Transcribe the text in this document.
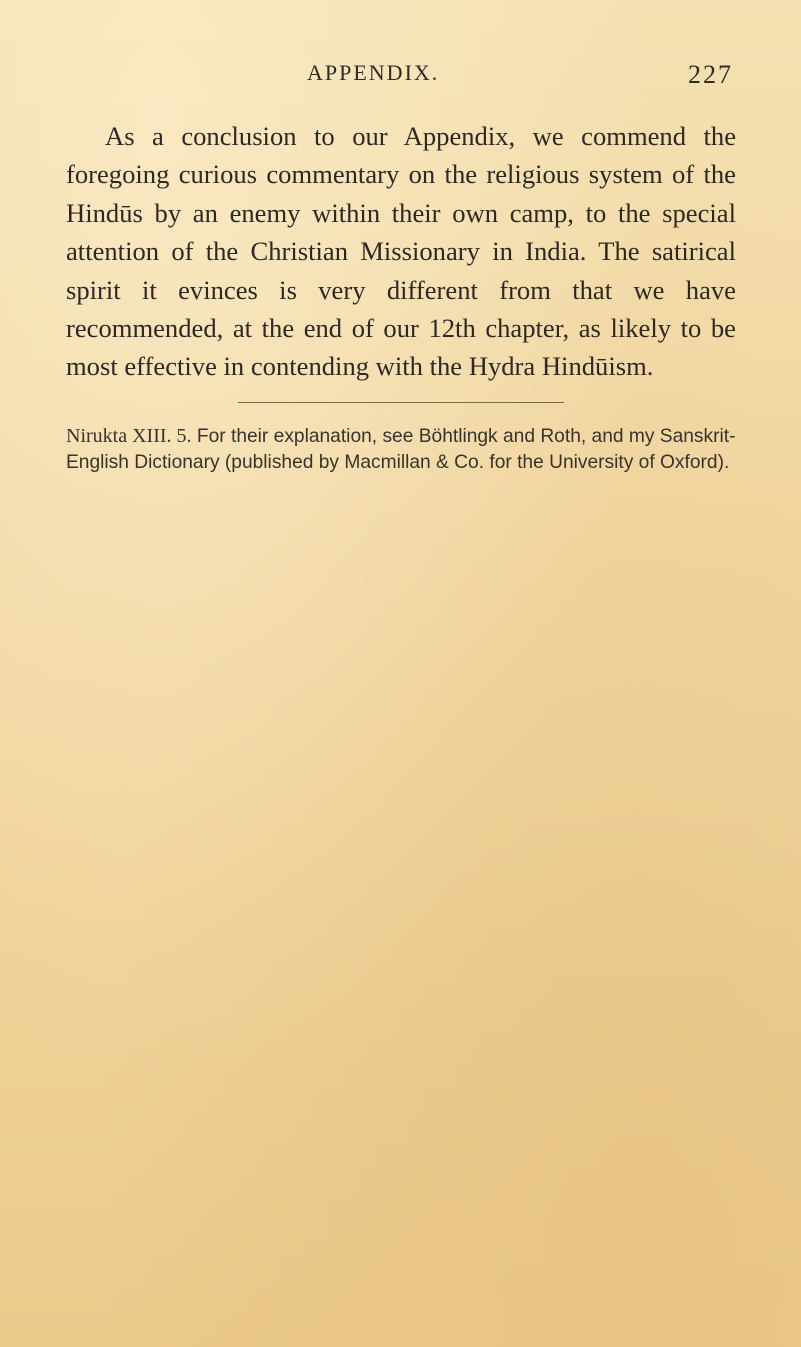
APPENDIX.	227

As a conclusion to our Appendix, we commend the foregoing curious commentary on the religious system of the Hindūs by an enemy within their own camp, to the special attention of the Christian Missionary in India. The satirical spirit it evinces is very different from that we have recommended, at the end of our 12th chapter, as likely to be most effective in contending with the Hydra Hindūism.

Nirukta XIII. 5. For their explanation, see Böhtlingk and Roth, and my Sanskrit-English Dictionary (published by Macmillan & Co. for the University of Oxford).
